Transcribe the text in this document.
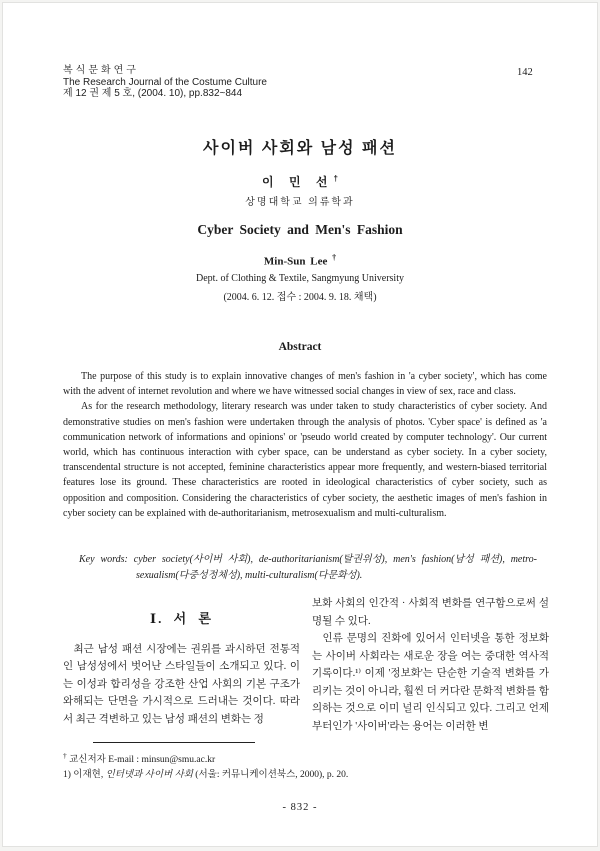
복식문화연구
The Research Journal of the Costume Culture
제 12 권 제 5 호, (2004. 10), pp.832~844
142
사이버 사회와 남성 패션
이 민 선†
상명대학교 의류학과
Cyber Society and Men's Fashion
Min-Sun Lee †
Dept. of Clothing & Textile, Sangmyung University
(2004. 6. 12. 접수 : 2004. 9. 18. 채택)
Abstract

The purpose of this study is to explain innovative changes of men's fashion in 'a cyber society', which has come with the advent of internet revolution and where we have witnessed social changes in view of sex, race and class.

As for the research methodology, literary research was under taken to study characteristics of cyber society. And demonstrative studies on men's fashion were undertaken through the analysis of photos. 'Cyber space' is defined as 'a communication network of informations and opinions' or 'pseudo world created by computer technology'. Our current world, which has continuous interaction with cyber space, can be understand as cyber society. In a cyber society, transcendental structure is not accepted, feminine characteristics appear more frequently, and western-biased territorial features lose its ground. These characteristics are rooted in ideological characteristics of cyber society, such as opposition and composition. Considering the characteristics of cyber society, the aesthetic images of men's fashion in cyber society can be explained with de-authoritarianism, metrosexualism and multi-culturalism.

Key words: cyber society(사이버 사회), de-authoritarianism(탈권위성), men's fashion(남성 패션), metro-sexualism(다중성정체성), multi-culturalism(다문화성).
Ⅰ. 서 론

최근 남성 패션 시장에는 권위를 과시하던 전통적인 남성성에서 벗어난 스타일들이 소개되고 있다. 이는 이성과 합리성을 강조한 산업 사회의 기본 구조가 와해되는 단면을 가시적으로 드러내는 것이다. 따라서 최근 격변하고 있는 남성 패션의 변화는 정

보화 사회의 인간적 · 사회적 변화를 연구함으로써 설명될 수 있다.

인류 문명의 진화에 있어서 인터넷을 통한 정보화는 사이버 사회라는 새로운 장을 여는 중대한 역사적 기록이다.¹⁾ 이제 '정보화'는 단순한 기술적 변화를 가리키는 것이 아니라, 훨씬 더 커다란 문화적 변화를 함의하는 것으로 이미 널리 인식되고 있다. 그리고 언제부터인가 '사이버'라는 용어는 이러한 변

† 교신저자 E-mail : minsun@smu.ac.kr
1) 이재현, 인터넷과 사이버 사회 (서울: 커뮤니케이션북스, 2000), p. 20.
- 832 -
